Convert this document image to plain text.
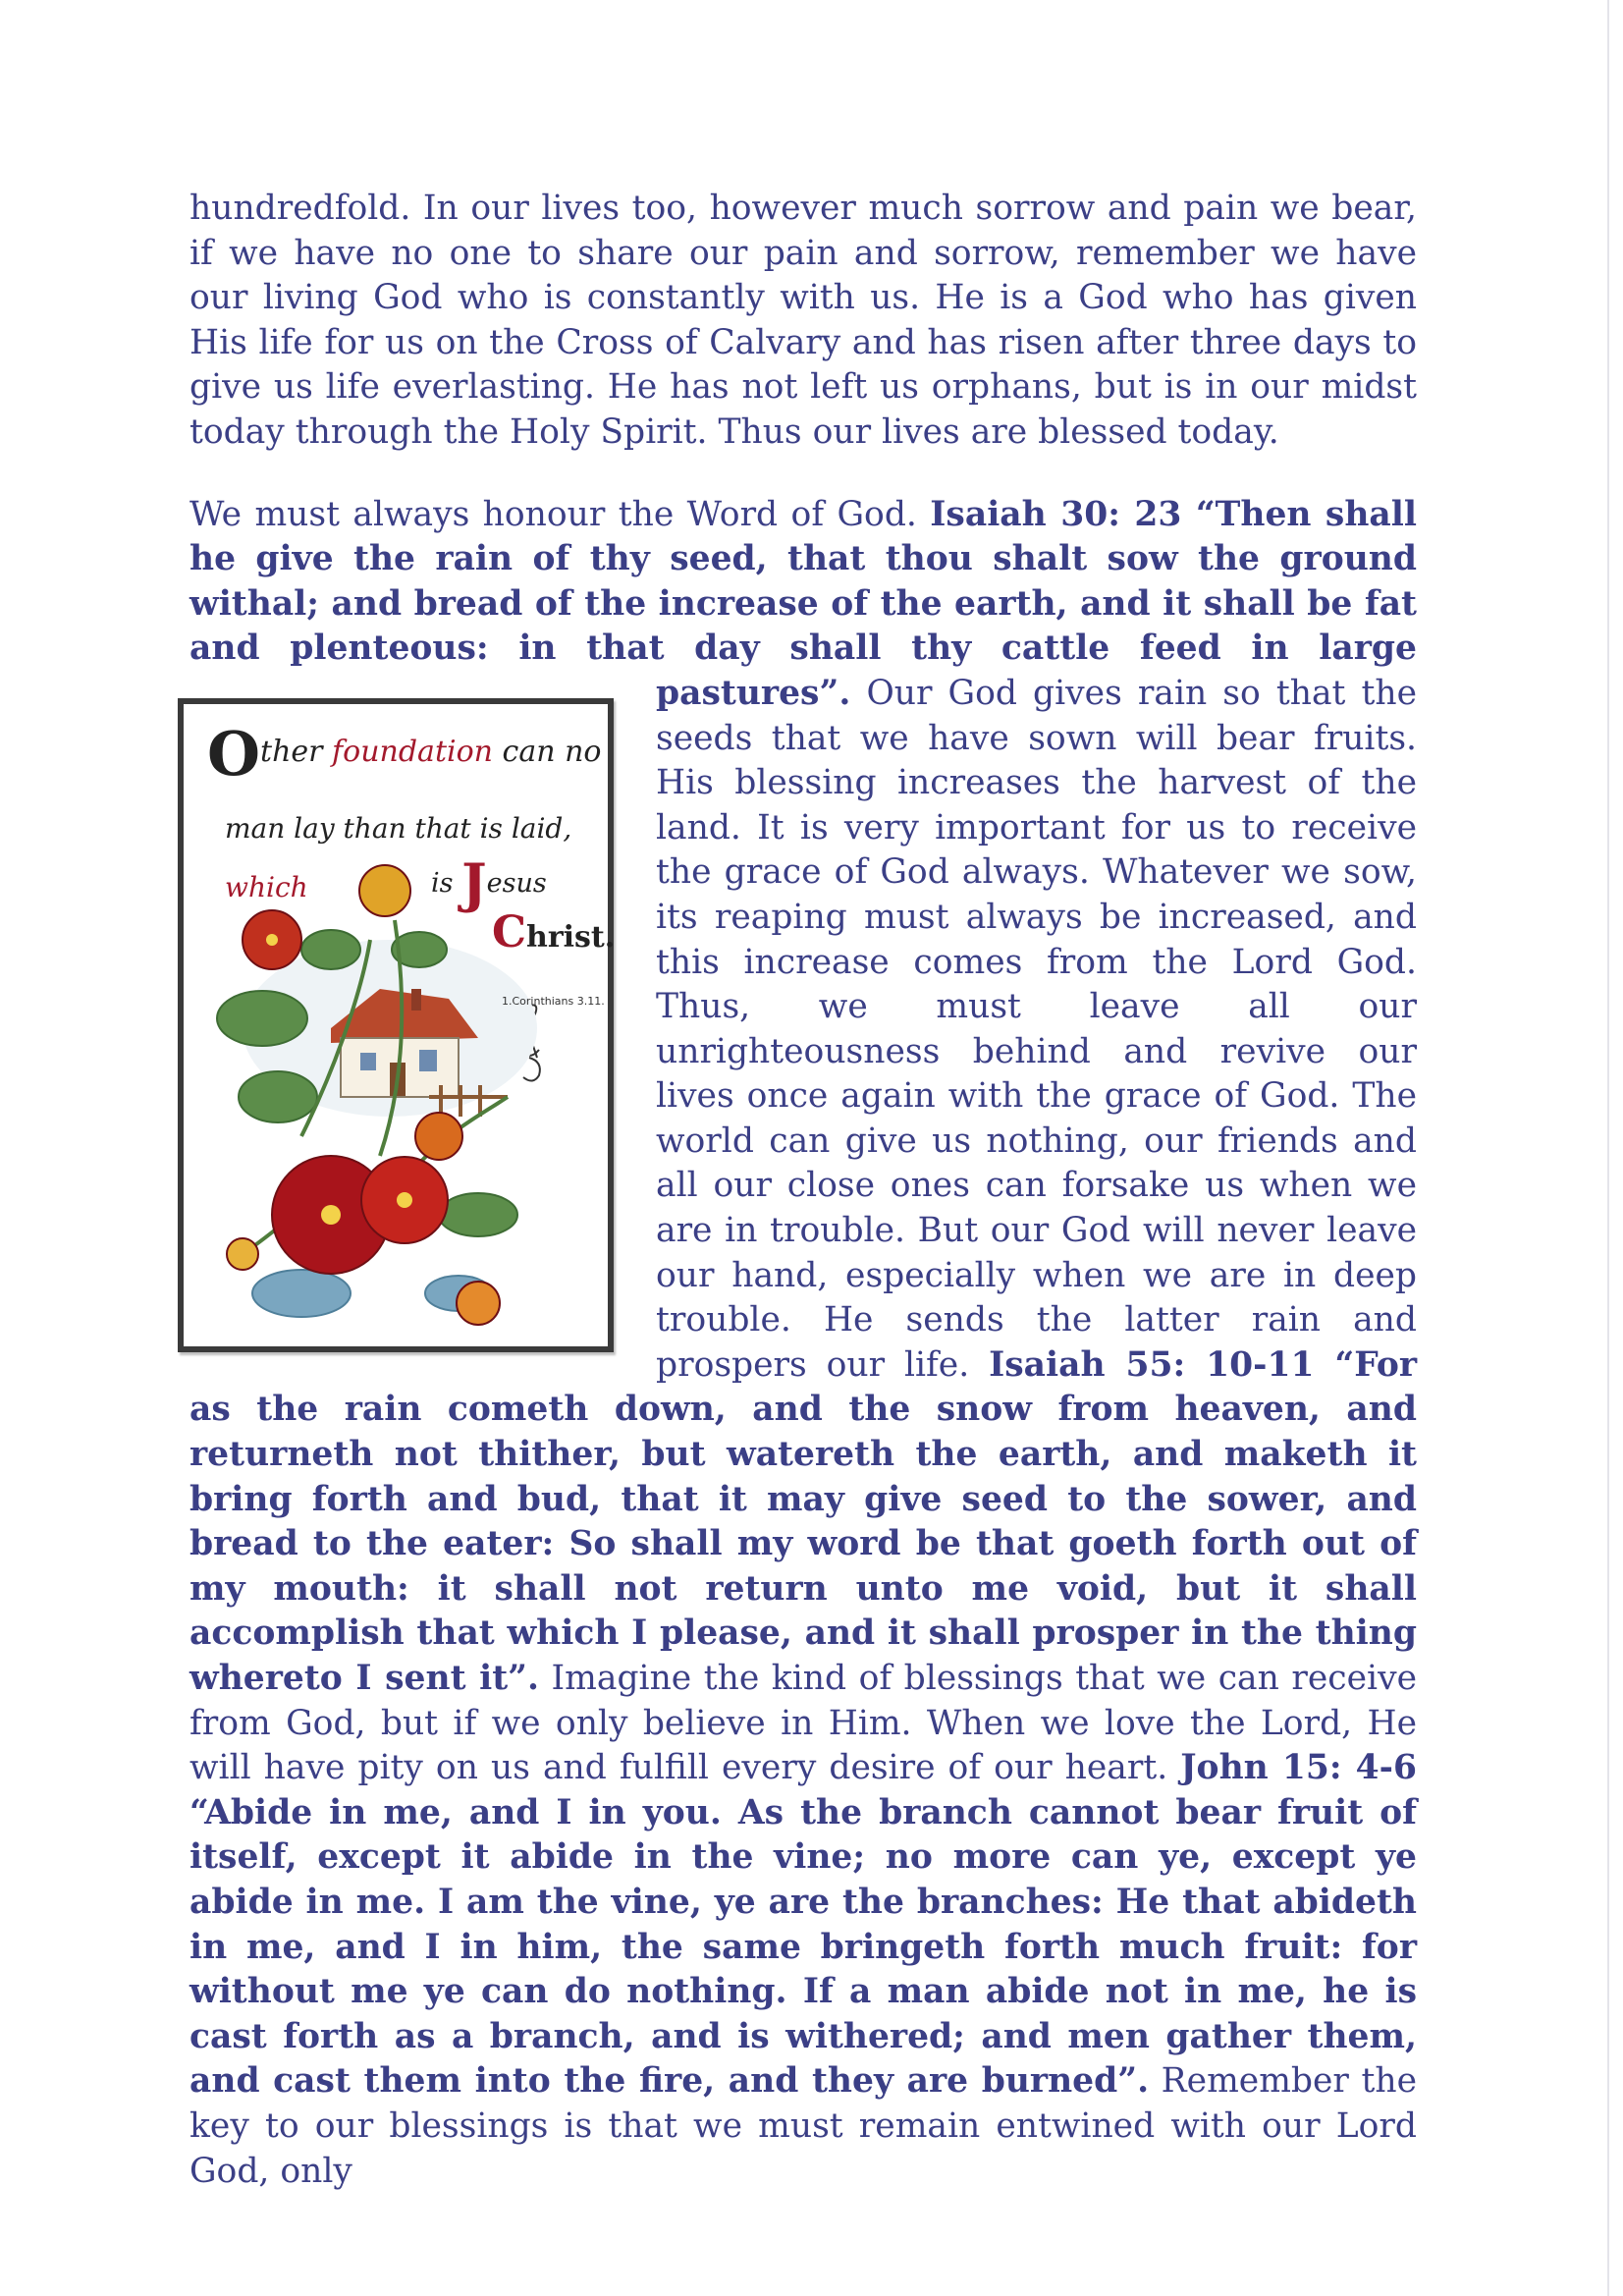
hundredfold. In our lives too, however much sorrow and pain we bear, if we have no one to share our pain and sorrow, remember we have our living God who is constantly with us. He is a God who has given His life for us on the Cross of Calvary and has risen after three days to give us life everlasting. He has not left us orphans, but is in our midst today through the Holy Spirit. Thus our lives are blessed today.

We must always honour the Word of God. Isaiah 30: 23 “Then shall he give the rain of thy seed, that thou shalt sow the ground withal; and bread of the increase of the earth, and it shall be fat and plenteous: in that day shall thy cattle feed in large pastures”.
Other foundation can no
man lay than that is laid,
which	is Jesus
Christ.
1.Corinthians 3.11.
Our God gives rain so that the seeds that we have sown will bear fruits. His blessing increases the harvest of the land. It is very important for us to receive the grace of God always. Whatever we sow, its reaping must always be increased, and this increase comes from the Lord God. Thus, we must leave all our unrighteousness behind and revive our lives once again with the grace of God. The world can give us nothing, our friends and all our close ones can forsake us when we are in trouble. But our God will never leave our hand, especially when we are in deep trouble. He sends the latter rain and prospers our life. Isaiah 55: 10-11 “For as the rain cometh down, and the snow from heaven, and returneth not thither, but watereth the earth, and maketh it bring forth and bud, that it may give seed to the sower, and bread to the eater: So shall my word be that goeth forth out of my mouth: it shall not return unto me void, but it shall accomplish that which I please, and it shall prosper in the thing whereto I sent it”. Imagine the kind of blessings that we can receive from God, but if we only believe in Him. When we love the Lord, He will have pity on us and fulfill every desire of our heart. John 15: 4-6 “Abide in me, and I in you. As the branch cannot bear fruit of itself, except it abide in the vine; no more can ye, except ye abide in me. I am the vine, ye are the branches: He that abideth in me, and I in him, the same bringeth forth much fruit: for without me ye can do nothing. If a man abide not in me, he is cast forth as a branch, and is withered; and men gather them, and cast them into the fire, and they are burned”. Remember the key to our blessings is that we must remain entwined with our Lord God, only
